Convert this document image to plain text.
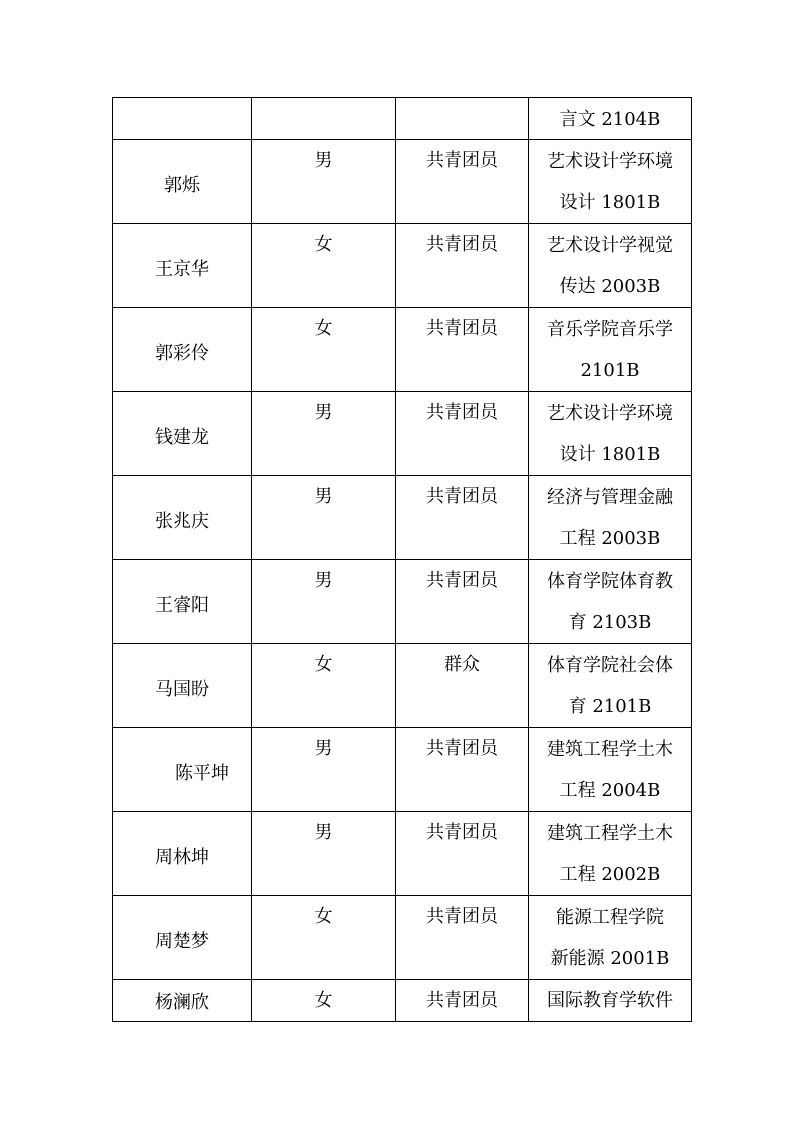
			言文 2104B

郭烁	男	共青团员	艺术设计学环境
设计 1801B

王京华	女	共青团员	艺术设计学视觉
传达 2003B

郭彩伶	女	共青团员	音乐学院音乐学
2101B

钱建龙	男	共青团员	艺术设计学环境
设计 1801B

张兆庆	男	共青团员	经济与管理金融
工程 2003B

王睿阳	男	共青团员	体育学院体育教
育 2103B

马国盼	女	群众	体育学院社会体
育 2101B

陈平坤	男	共青团员	建筑工程学土木
工程 2004B

周林坤	男	共青团员	建筑工程学土木
工程 2002B

周楚梦	女	共青团员	能源工程学院
新能源 2001B

杨澜欣	女	共青团员	国际教育学软件
